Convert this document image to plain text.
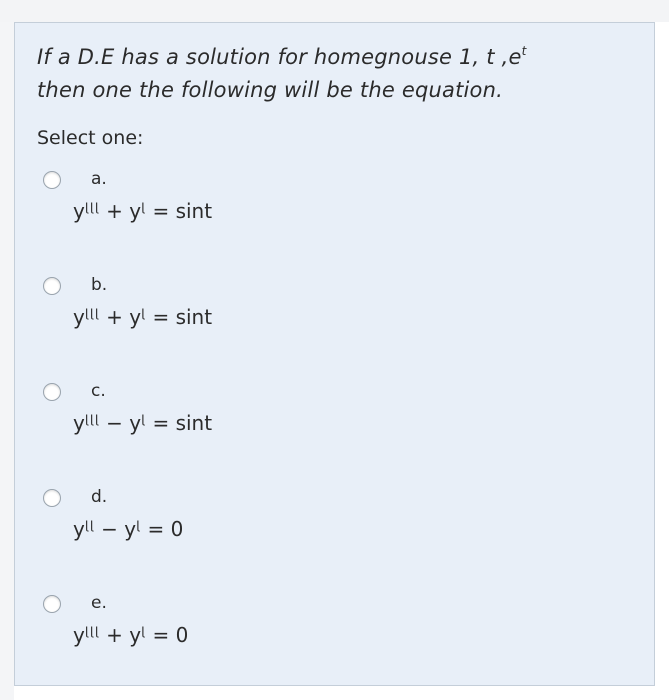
If a D.E has a solution for homegnouse 1, t $,e^t$
then one the following will be the equation.
Select one:
a.
yᶩᶩᶩ + yᶩ = sint
b.
yᶩᶩᶩ + yᶩ = sint
c.
yᶩᶩᶩ − yᶩ = sint
d.
yᶩᶩ − yᶩ = 0
e.
yᶩᶩᶩ + yᶩ = 0
